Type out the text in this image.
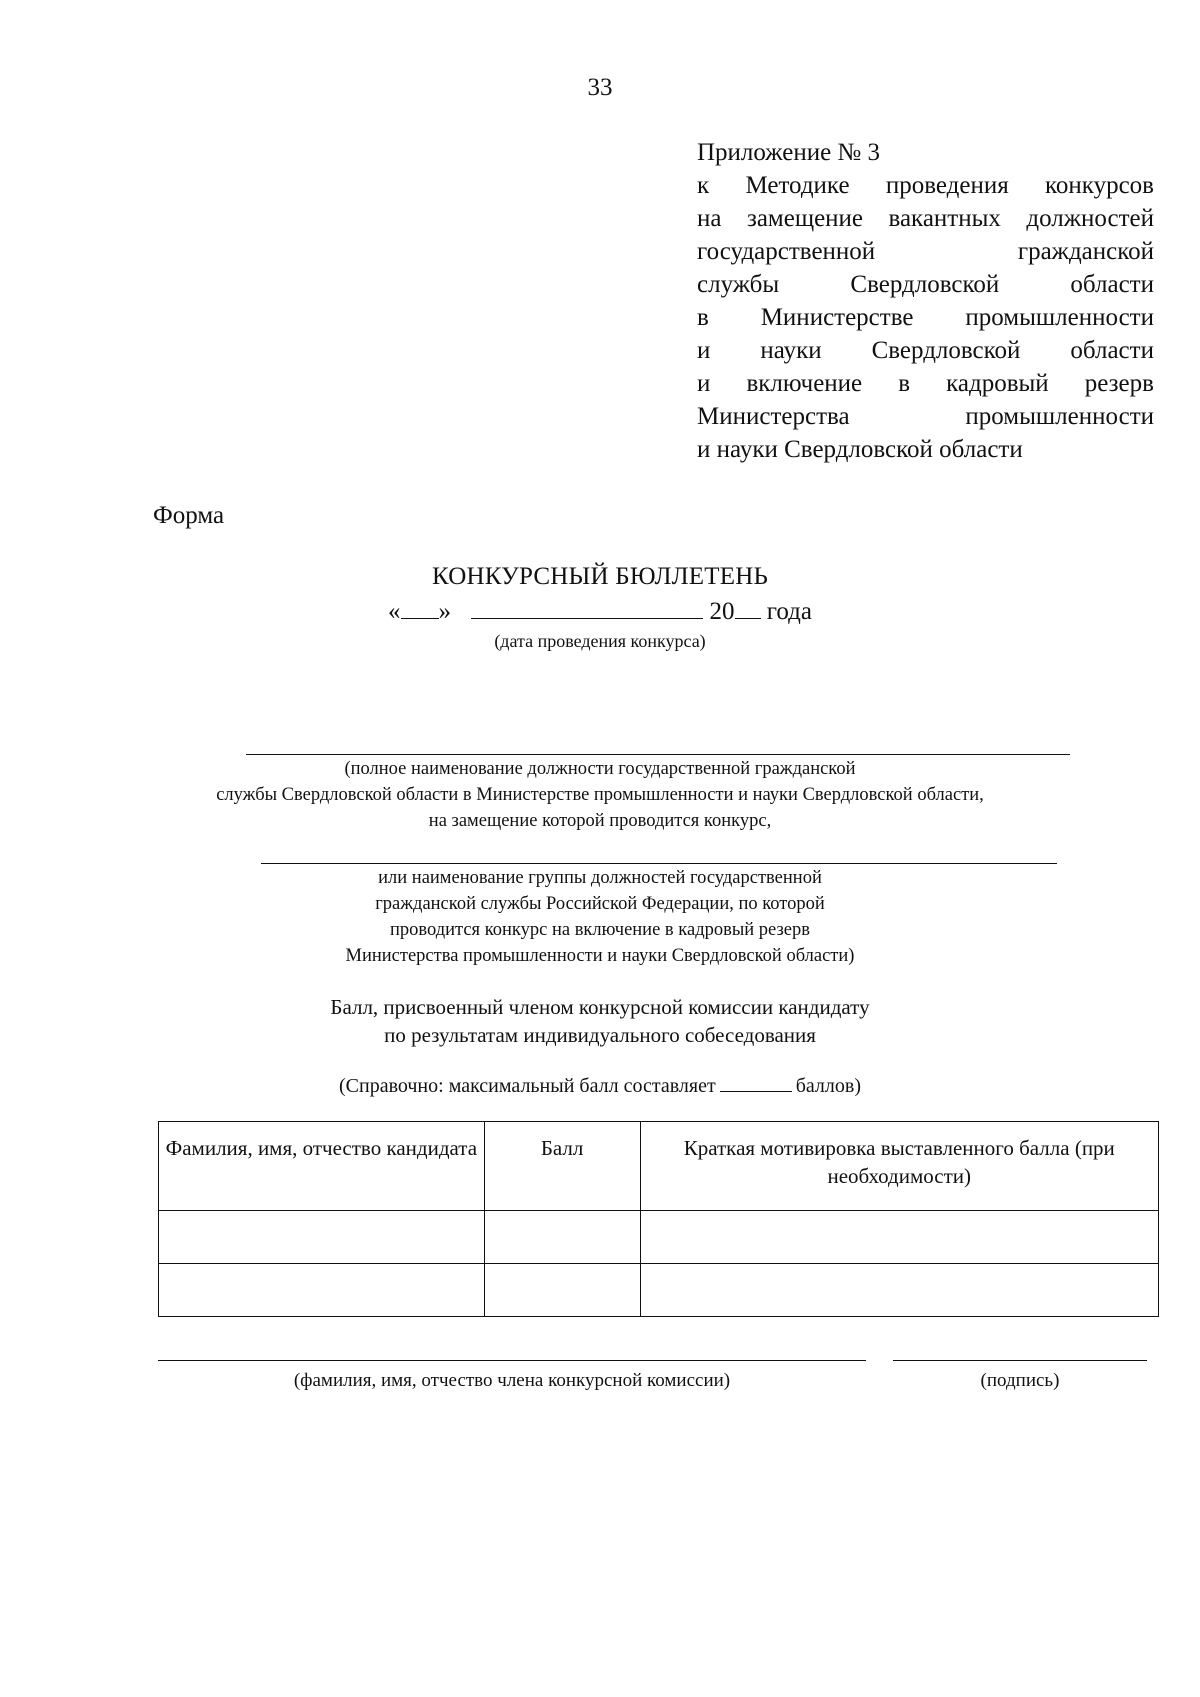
33
Приложение № 3
к Методике проведения конкурсов
на замещение вакантных должностей
государственной	гражданской
службы	Свердловской	области
в Министерстве промышленности
и науки Свердловской области
и включение в кадровый резерв
Министерства	промышленности
и науки Свердловской области
Форма
КОНКУРСНЫЙ БЮЛЛЕТЕНЬ
« »	20 года
(дата проведения конкурса)
(полное наименование должности государственной гражданской
службы Свердловской области в Министерстве промышленности и науки Свердловской области,
на замещение которой проводится конкурс,
или наименование группы должностей государственной
гражданской службы Российской Федерации, по которой
проводится конкурс на включение в кадровый резерв
Министерства промышленности и науки Свердловской области)
Балл, присвоенный членом конкурсной комиссии кандидату
по результатам индивидуального собеседования
(Справочно: максимальный балл составляет	баллов)
Фамилия, имя, отчество кандидата	Балл	Краткая мотивировка выставленного балла (при необходимости)

(фамилия, имя, отчество члена конкурсной комиссии)	(подпись)
